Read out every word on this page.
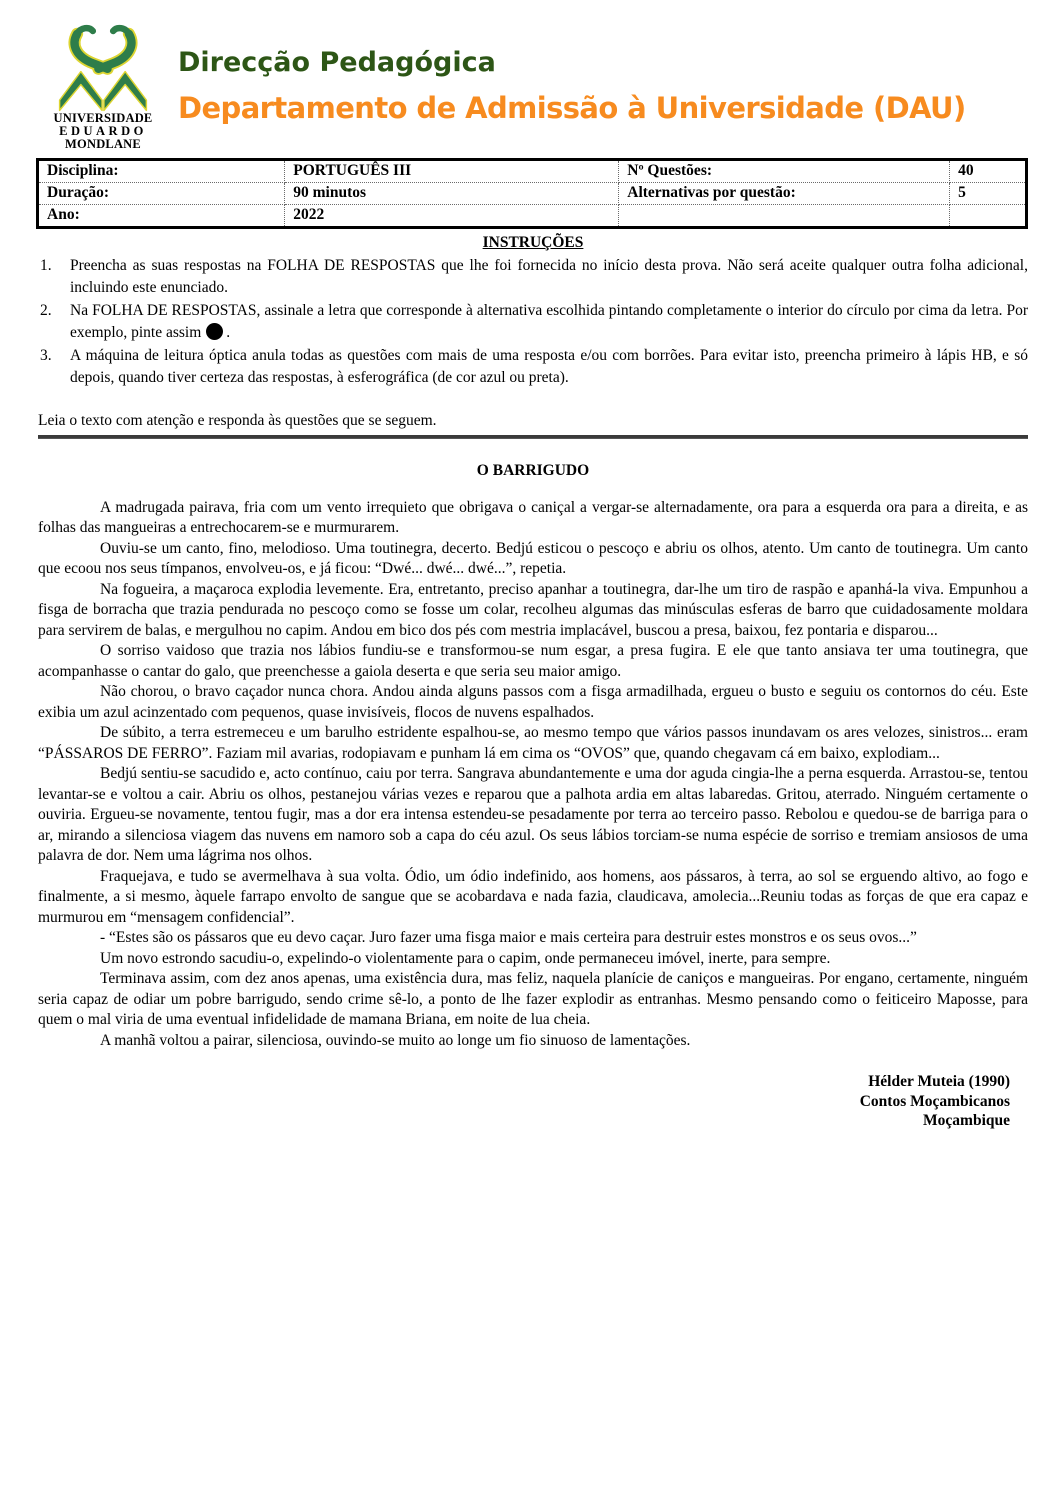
UNIVERSIDADE
EDUARDO
MONDLANE
Direcção Pedagógica
Departamento de Admissão à Universidade (DAU)
Disciplina:	PORTUGUÊS III	Nº Questões:	40
Duração:	90 minutos	Alternativas por questão:	5
Ano:	2022		
INSTRUÇÕES
1. Preencha as suas respostas na FOLHA DE RESPOSTAS que lhe foi fornecida no início desta prova. Não será aceite qualquer outra folha adicional, incluindo este enunciado.
2. Na FOLHA DE RESPOSTAS, assinale a letra que corresponde à alternativa escolhida pintando completamente o interior do círculo por cima da letra. Por exemplo, pinte assim .
3. A máquina de leitura óptica anula todas as questões com mais de uma resposta e/ou com borrões. Para evitar isto, preencha primeiro à lápis HB, e só depois, quando tiver certeza das respostas, à esferográfica (de cor azul ou preta).
Leia o texto com atenção e responda às questões que se seguem.
O BARRIGUDO

A madrugada pairava, fria com um vento irrequieto que obrigava o caniçal a vergar-se alternadamente, ora para a esquerda ora para a direita, e as folhas das mangueiras a entrechocarem-se e murmurarem.

Ouviu-se um canto, fino, melodioso. Uma toutinegra, decerto. Bedjú esticou o pescoço e abriu os olhos, atento. Um canto de toutinegra. Um canto que ecoou nos seus tímpanos, envolveu-os, e já ficou: “Dwé... dwé... dwé...”, repetia.

Na fogueira, a maçaroca explodia levemente. Era, entretanto, preciso apanhar a toutinegra, dar-lhe um tiro de raspão e apanhá-la viva. Empunhou a fisga de borracha que trazia pendurada no pescoço como se fosse um colar, recolheu algumas das minúsculas esferas de barro que cuidadosamente moldara para servirem de balas, e mergulhou no capim. Andou em bico dos pés com mestria implacável, buscou a presa, baixou, fez pontaria e disparou...

O sorriso vaidoso que trazia nos lábios fundiu-se e transformou-se num esgar, a presa fugira. E ele que tanto ansiava ter uma toutinegra, que acompanhasse o cantar do galo, que preenchesse a gaiola deserta e que seria seu maior amigo.

Não chorou, o bravo caçador nunca chora. Andou ainda alguns passos com a fisga armadilhada, ergueu o busto e seguiu os contornos do céu. Este exibia um azul acinzentado com pequenos, quase invisíveis, flocos de nuvens espalhados.

De súbito, a terra estremeceu e um barulho estridente espalhou-se, ao mesmo tempo que vários passos inundavam os ares velozes, sinistros... eram “PÁSSAROS DE FERRO”. Faziam mil avarias, rodopiavam e punham lá em cima os “OVOS” que, quando chegavam cá em baixo, explodiam...

Bedjú sentiu-se sacudido e, acto contínuo, caiu por terra. Sangrava abundantemente e uma dor aguda cingia-lhe a perna esquerda. Arrastou-se, tentou levantar-se e voltou a cair. Abriu os olhos, pestanejou várias vezes e reparou que a palhota ardia em altas labaredas. Gritou, aterrado. Ninguém certamente o ouviria. Ergueu-se novamente, tentou fugir, mas a dor era intensa estendeu-se pesadamente por terra ao terceiro passo. Rebolou e quedou-se de barriga para o ar, mirando a silenciosa viagem das nuvens em namoro sob a capa do céu azul. Os seus lábios torciam-se numa espécie de sorriso e tremiam ansiosos de uma palavra de dor. Nem uma lágrima nos olhos.

Fraquejava, e tudo se avermelhava à sua volta. Ódio, um ódio indefinido, aos homens, aos pássaros, à terra, ao sol se erguendo altivo, ao fogo e finalmente, a si mesmo, àquele farrapo envolto de sangue que se acobardava e nada fazia, claudicava, amolecia...Reuniu todas as forças de que era capaz e murmurou em “mensagem confidencial”.

- “Estes são os pássaros que eu devo caçar. Juro fazer uma fisga maior e mais certeira para destruir estes monstros e os seus ovos...”

Um novo estrondo sacudiu-o, expelindo-o violentamente para o capim, onde permaneceu imóvel, inerte, para sempre.

Terminava assim, com dez anos apenas, uma existência dura, mas feliz, naquela planície de caniços e mangueiras. Por engano, certamente, ninguém seria capaz de odiar um pobre barrigudo, sendo crime sê-lo, a ponto de lhe fazer explodir as entranhas. Mesmo pensando como o feiticeiro Maposse, para quem o mal viria de uma eventual infidelidade de mamana Briana, em noite de lua cheia.

A manhã voltou a pairar, silenciosa, ouvindo-se muito ao longe um fio sinuoso de lamentações.

Hélder Muteia (1990)
Contos Moçambicanos
Moçambique
